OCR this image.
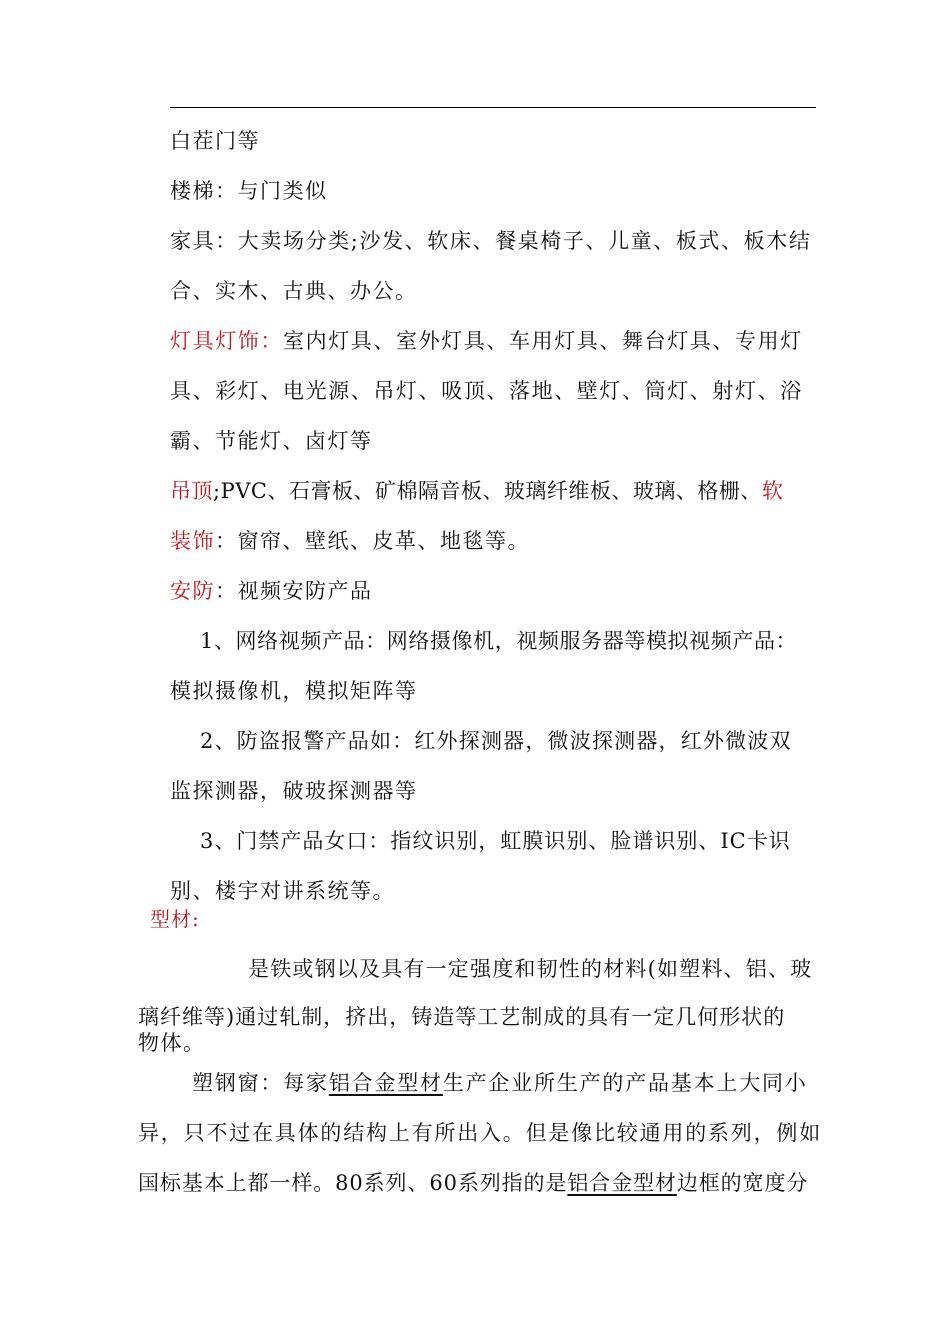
白茬门等
楼梯：与门类似
家具：大卖场分类;沙发、软床、餐桌椅子、儿童、板式、板木结
合、实木、古典、办公。
灯具灯饰：室内灯具、室外灯具、车用灯具、舞台灯具、专用灯
具、彩灯、电光源、吊灯、吸顶、落地、壁灯、筒灯、射灯、浴
霸、节能灯、卤灯等
吊顶;PVC、石膏板、矿棉隔音板、玻璃纤维板、玻璃、格栅、软
装饰：窗帘、壁纸、皮革、地毯等。
安防：视频安防产品
1、网络视频产品：网络摄像机，视频服务器等模拟视频产品：
模拟摄像机，模拟矩阵等
2、防盗报警产品如：红外探测器，微波探测器，红外微波双
监探测器，破玻探测器等
3、门禁产品女口：指纹识别，虹膜识别、脸谱识别、IC卡识
别、楼宇对讲系统等。
型材:
是铁或钢以及具有一定强度和韧性的材料(如塑料、铝、玻
璃纤维等)通过轧制，挤出，铸造等工艺制成的具有一定几何形状的
物体。
塑钢窗：每家铝合金型材生产企业所生产的产品基本上大同小
异，只不过在具体的结构上有所出入。但是像比较通用的系列，例如
国标基本上都一样。80系列、60系列指的是铝合金型材边框的宽度分
